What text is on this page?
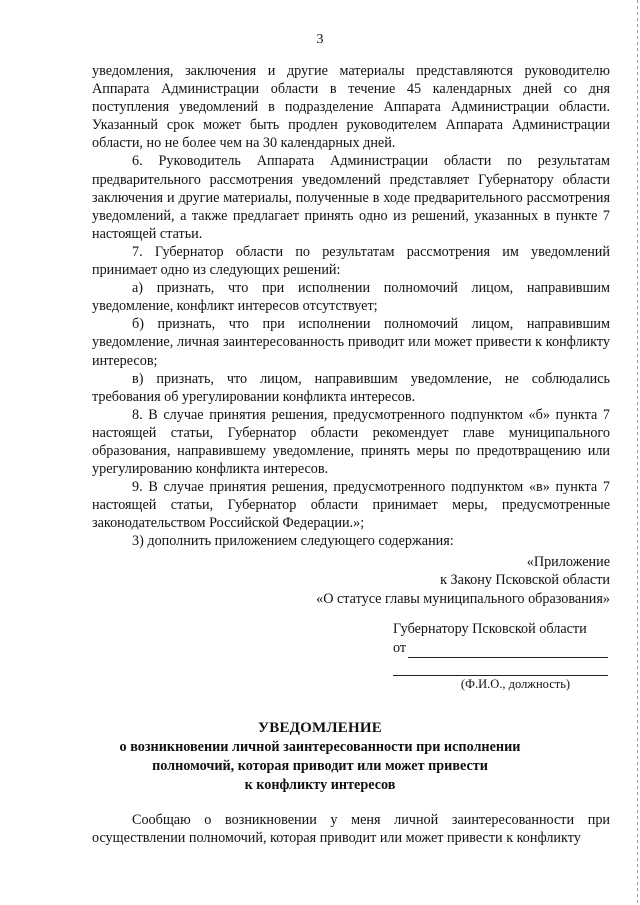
3

уведомления, заключения и другие материалы представляются руководителю Аппарата Администрации области в течение 45 календарных дней со дня поступления уведомлений в подразделение Аппарата Администрации области. Указанный срок может быть продлен руководителем Аппарата Администрации области, но не более чем на 30 календарных дней.

6. Руководитель Аппарата Администрации области по результатам предварительного рассмотрения уведомлений представляет Губернатору области заключения и другие материалы, полученные в ходе предварительного рассмотрения уведомлений, а также предлагает принять одно из решений, указанных в пункте 7 настоящей статьи.

7. Губернатор области по результатам рассмотрения им уведомлений принимает одно из следующих решений:

а) признать, что при исполнении полномочий лицом, направившим уведомление, конфликт интересов отсутствует;

б) признать, что при исполнении полномочий лицом, направившим уведомление, личная заинтересованность приводит или может привести к конфликту интересов;

в) признать, что лицом, направившим уведомление, не соблюдались требования об урегулировании конфликта интересов.

8. В случае принятия решения, предусмотренного подпунктом «б» пункта 7 настоящей статьи, Губернатор области рекомендует главе муниципального образования, направившему уведомление, принять меры по предотвращению или урегулированию конфликта интересов.

9. В случае принятия решения, предусмотренного подпунктом «в» пункта 7 настоящей статьи, Губернатор области принимает меры, предусмотренные законодательством Российской Федерации.»;

3) дополнить приложением следующего содержания:

«Приложение
к Закону Псковской области
«О статусе главы муниципального образования»
Губернатору Псковской области
от
(Ф.И.О., должность)
УВЕДОМЛЕНИЕ
о возникновении личной заинтересованности при исполнении
полномочий, которая приводит или может привести
к конфликту интересов

Сообщаю о возникновении у меня личной заинтересованности при осуществлении полномочий, которая приводит или может привести к конфликту
